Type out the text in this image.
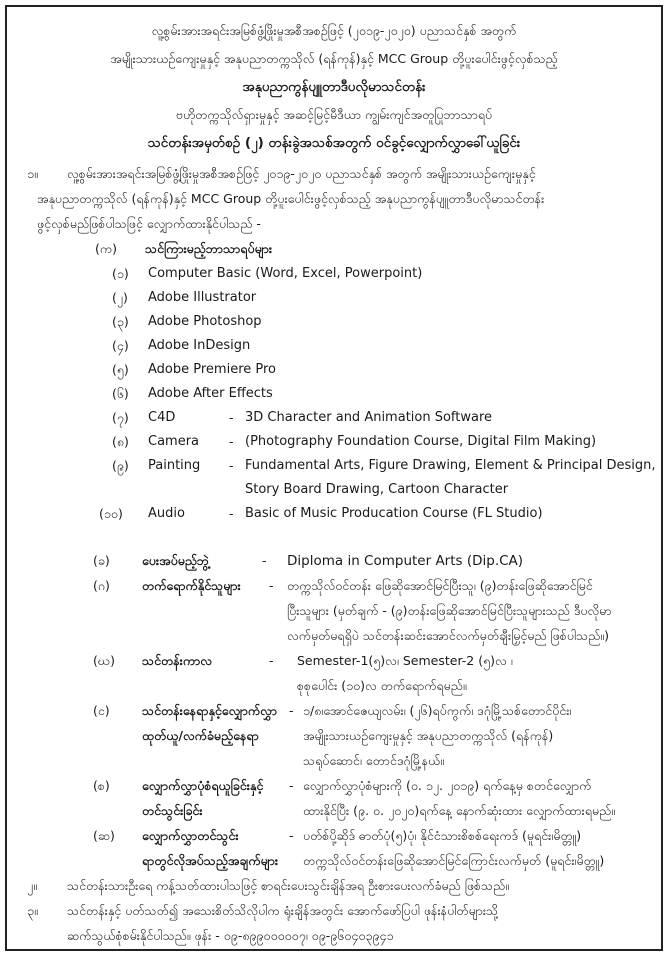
လူ့စွမ်းအားအရင်းအမြစ်ဖွံ့ဖြိုးမှုအစီအစဉ်ဖြင့် (၂၀၁၉-၂၀၂၀) ပညာသင်နှစ် အတွက်
အမျိုးသားယဉ်ကျေးမှုနှင့် အနုပညာတက္ကသိုလ် (ရန်ကုန်)နှင့် MCC Group တို့ပူးပေါင်းဖွင့်လှစ်သည့်
အနုပညာကွန်ပျူတာဒီပလိုမာသင်တန်း
ဗဟိုတက္ကသိုလ်ရှားမှုနှင့် အဆင့်မြင့်မီဒီယာ ကျွမ်းကျင်အတူပြုဘာသာရပ်
သင်တန်းအမှတ်စဉ် (၂) တန်းခွဲအသစ်အတွက် ဝင်ခွင့်လျှောက်လွှာခေါ်ယူခြင်း
၁။ လူ့စွမ်းအားအရင်းအမြစ်ဖွံ့ဖြိုးမှုအစီအစဉ်ဖြင့် ၂၀၁၉-၂၀၂၀ ပညာသင်နှစ် အတွက် အမျိုးသားယဉ်ကျေးမှုနှင့်
အနုပညာတက္ကသိုလ် (ရန်ကုန်)နှင့် MCC Group တို့ပူးပေါင်းဖွင့်လှစ်သည့် အနုပညာကွန်ပျူတာဒီပလိုမာသင်တန်း
ဖွင့်လှစ်မည်ဖြစ်ပါသဖြင့် လျှောက်ထားနိုင်ပါသည် -
(က) သင်ကြားမည့်ဘာသာရပ်များ
(၁) Computer Basic (Word, Excel, Powerpoint)
(၂) Adobe Illustrator
(၃) Adobe Photoshop
(၄) Adobe InDesign
(၅) Adobe Premiere Pro
(၆) Adobe After Effects
(၇) C4D	- 3D Character and Animation Software
(၈) Camera - (Photography Foundation Course, Digital Film Making)
(၉) Painting - Fundamental Arts, Figure Drawing, Element & Principal Design,
Story Board Drawing, Cartoon Character
(၁၀) Audio	- Basic of Music Producation Course (FL Studio)
(ခ)	ပေးအပ်မည့်ဘွဲ့	- Diploma in Computer Arts (Dip.CA)
(ဂ)	တက်ရောက်နိုင်သူများ - တက္ကသိုလ်ဝင်တန်း ဖြေဆိုအောင်မြင်ပြီးသူ၊ (၉)တန်းဖြေဆိုအောင်မြင်
ပြီးသူများ (မှတ်ချက် - (၉)တန်းဖြေဆိုအောင်မြင်ပြီးသူများသည် ဒီပလိုမာ
လက်မှတ်မရရှိပဲ သင်တန်းဆင်းအောင်လက်မှတ်ချီးမြှင့်မည် ဖြစ်ပါသည်။)
(ဃ) သင်တန်းကာလ	- Semester-1(၅)လ၊ Semester-2 (၅)လ ၊
စုစုပေါင်း (၁၀)လ တက်ရောက်ရမည်။
(င)	သင်တန်းနေရာနှင့်လျှောက်လွှာ
ထုတ်ယူ/လက်ခံမည့်နေရာ
- ၁/၈၊အောင်ဇေယျလမ်း၊ (၂၆)ရပ်ကွက်၊ ဒဂုံမြို့သစ်တောင်ပိုင်း၊
အမျိုးသားယဉ်ကျေးမှုနှင့် အနုပညာတက္ကသိုလ် (ရန်ကုန်)
သရုပ်ဆောင်၊ တောင်ဒဂုံမြို့နယ်။
(စ)	လျှောက်လွှာပုံစံရယူခြင်းနှင့်
တင်သွင်းခြင်း
- လျှောက်လွှာပုံစံများကို (၀. ၁၂. ၂၀၁၉) ရက်နေ့မှ စတင်လျှောက်
ထားနိုင်ပြီး (၉. ၀. ၂၀၂၀)ရက်နေ့ နောက်ဆုံးထား လျှောက်ထားရမည်။
(ဆ) လျှောက်လွှာတင်သွင်း
ရာတွင်လိုအပ်သည့်အချက်များ
- ပတ်စ်ပို့ဆိုဒ် ဓာတ်ပုံ(၅)ပုံ၊ နိုင်ငံသားစိစစ်ရေးကဒ် (မူရင်း၊မိတ္တူ)
တက္ကသိုလ်ဝင်တန်းဖြေဆိုအောင်မြင်ကြောင်းလက်မှတ် (မူရင်း၊မိတ္တူ)
၂။ သင်တန်းသားဦးရေ ကန့်သတ်ထားပါသဖြင့် စာရင်းပေးသွင်းချိန်အရ ဦးစားပေးလက်ခံမည် ဖြစ်သည်။
၃။ သင်တန်းနှင့် ပတ်သတ်၍ အသေးစိတ်သိလိုပါက ရုံးချိန်အတွင်း အောက်ဖော်ပြပါ ဖုန်းနံပါတ်များသို့
ဆက်သွယ်စုံစမ်းနိုင်ပါသည်။ ဖုန်း - ၀၉-၈၉၉၀၀၀၀၀၇၊ ၀၉-၉၆၀၄၀၃၉၄၁
